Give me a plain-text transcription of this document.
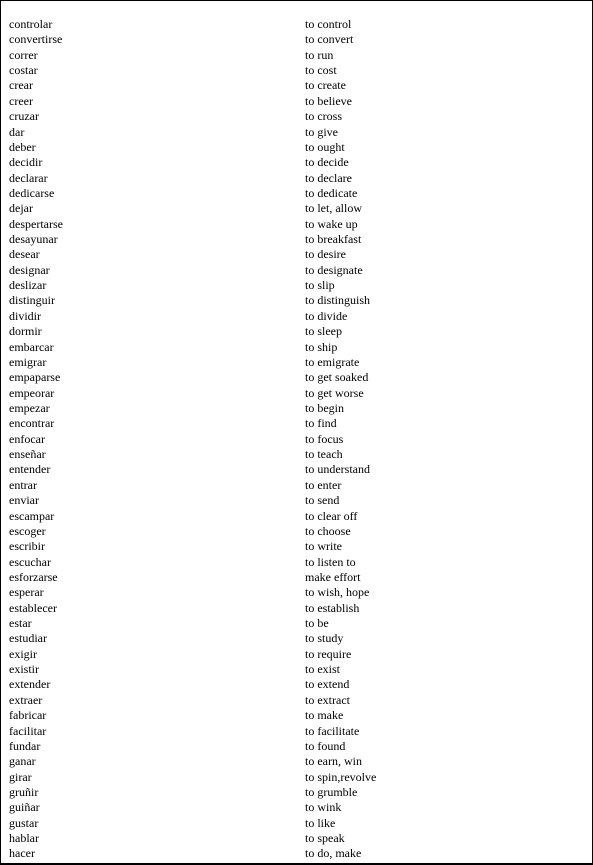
controlar	to control
convertirse	to convert
correr	to run
costar	to cost
crear	to create
creer	to believe
cruzar	to cross
dar	to give
deber	to ought
decidir	to decide
declarar	to declare
dedicarse	to dedicate
dejar	to let, allow
despertarse	to wake up
desayunar	to breakfast
desear	to desire
designar	to designate
deslizar	to slip
distinguir	to distinguish
dividir	to divide
dormir	to sleep
embarcar	to ship
emigrar	to emigrate
empaparse	to get soaked
empeorar	to get worse
empezar	to begin
encontrar	to find
enfocar	to focus
enseñar	to teach
entender	to understand
entrar	to enter
enviar	to send
escampar	to clear off
escoger	to choose
escribir	to write
escuchar	to listen to
esforzarse	make effort
esperar	to wish, hope
establecer	to establish
estar	to be
estudiar	to study
exigir	to require
existir	to exist
extender	to extend
extraer	to extract
fabricar	to make
facilitar	to facilitate
fundar	to found
ganar	to earn, win
girar	to spin,revolve
gruñir	to grumble
guiñar	to wink
gustar	to like
hablar	to speak
hacer	to do, make
